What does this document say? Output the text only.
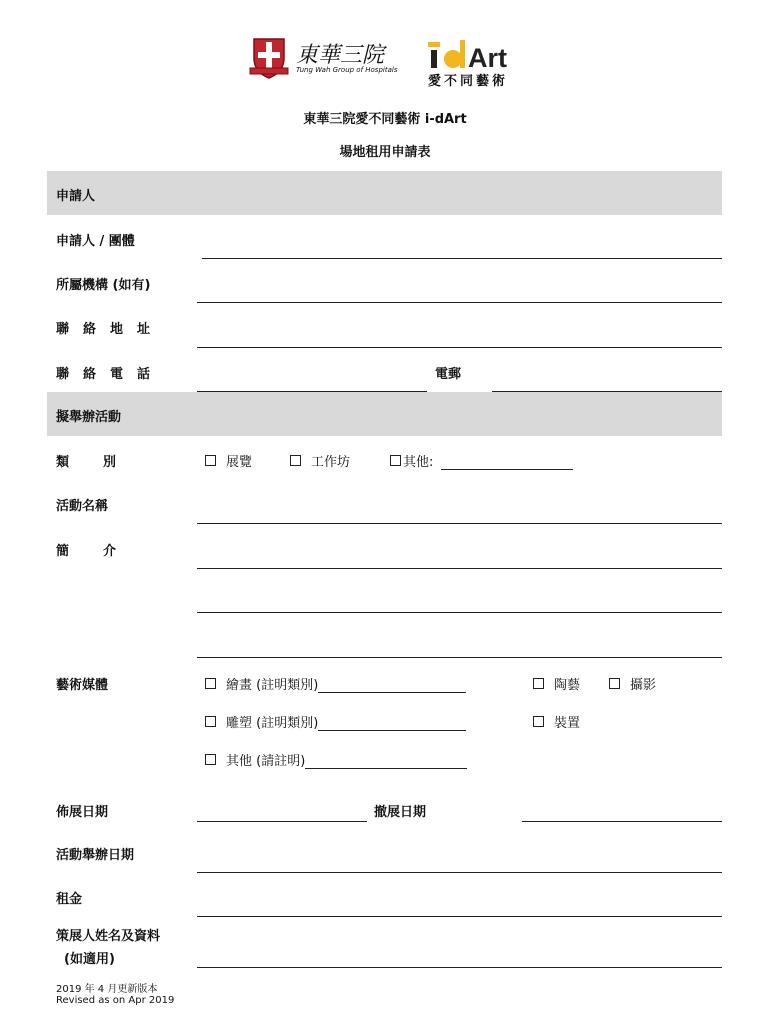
東華三院
Tung Wah Group of Hospitals	Art
愛不同藝術
東華三院愛不同藝術 i-dArt
場地租用申請表
申請人
申請人 / 團體
所屬機構 (如有)
聯絡地址
聯絡電話	電郵
擬舉辦活動
類別	展覽	工作坊	其他:
活動名稱
簡介
藝術媒體	繪畫 (註明類別)	陶藝	攝影
雕塑 (註明類別)	裝置
其他 (請註明)
佈展日期	撤展日期
活動舉辦日期
租金
策展人姓名及資料
(如適用)
2019 年 4 月更新版本
Revised as on Apr 2019
